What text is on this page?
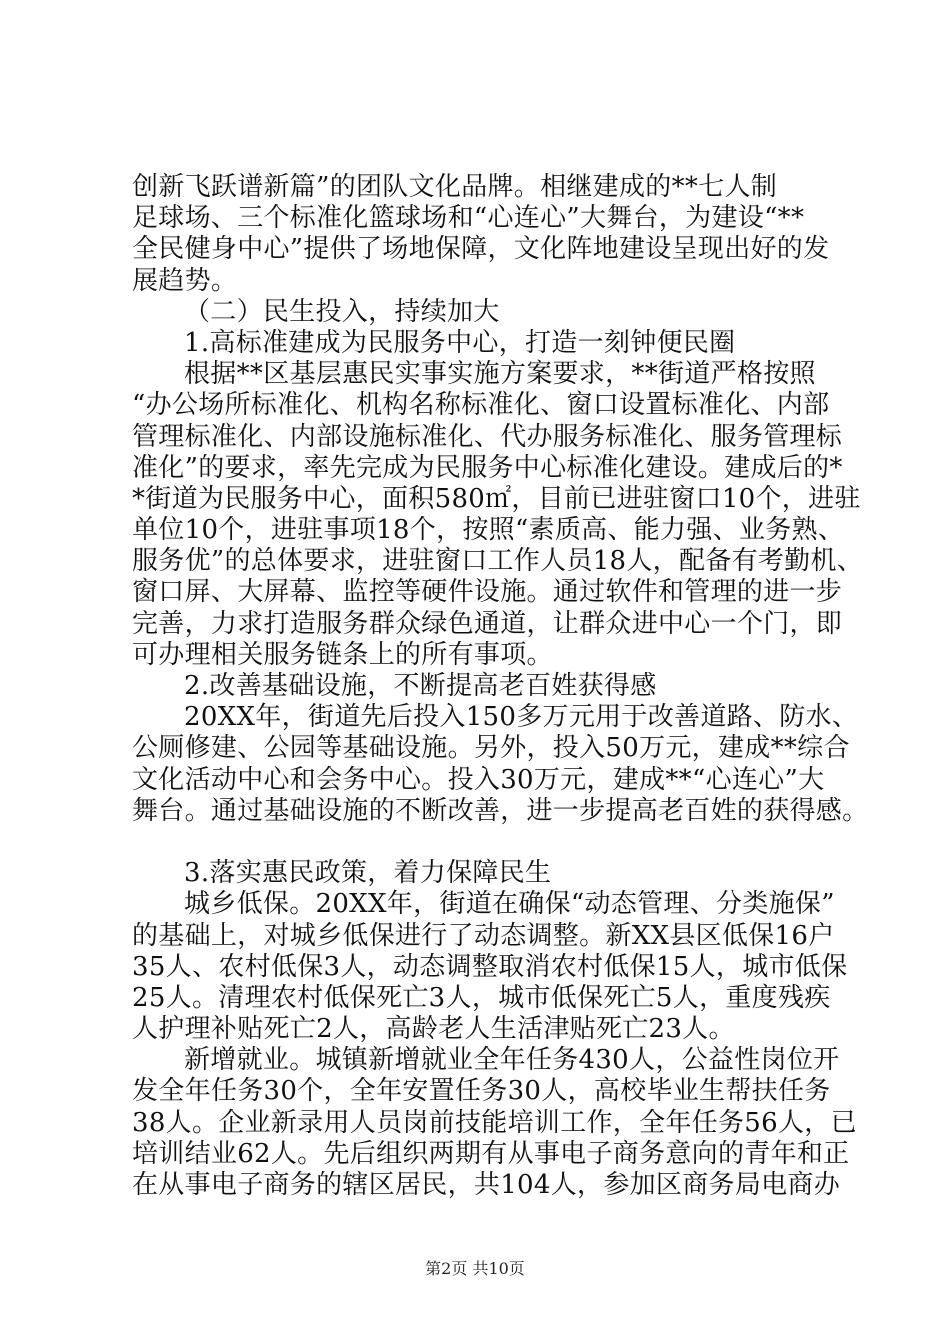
创新飞跃谱新篇”的团队文化品牌。相继建成的**七人制
足球场、三个标准化篮球场和“心连心”大舞台，为建设“**
全民健身中心”提供了场地保障，文化阵地建设呈现出好的发
展趋势。
（二）民生投入，持续加大
1.高标准建成为民服务中心，打造一刻钟便民圈
根据**区基层惠民实事实施方案要求，**街道严格按照
“办公场所标准化、机构名称标准化、窗口设置标准化、内部
管理标准化、内部设施标准化、代办服务标准化、服务管理标
准化”的要求，率先完成为民服务中心标准化建设。建成后的*
*街道为民服务中心，面积580㎡，目前已进驻窗口10个，进驻
单位10个，进驻事项18个，按照“素质高、能力强、业务熟、
服务优”的总体要求，进驻窗口工作人员18人，配备有考勤机、
窗口屏、大屏幕、监控等硬件设施。通过软件和管理的进一步
完善，力求打造服务群众绿色通道，让群众进中心一个门，即
可办理相关服务链条上的所有事项。
2.改善基础设施，不断提高老百姓获得感
20XX年，街道先后投入150多万元用于改善道路、防水、
公厕修建、公园等基础设施。另外，投入50万元，建成**综合
文化活动中心和会务中心。投入30万元，建成**“心连心”大
舞台。通过基础设施的不断改善，进一步提高老百姓的获得感。
3.落实惠民政策，着力保障民生
城乡低保。20XX年，街道在确保“动态管理、分类施保”
的基础上，对城乡低保进行了动态调整。新XX县区低保16户
35人、农村低保3人，动态调整取消农村低保15人，城市低保
25人。清理农村低保死亡3人，城市低保死亡5人，重度残疾
人护理补贴死亡2人，高龄老人生活津贴死亡23人。
新增就业。城镇新增就业全年任务430人，公益性岗位开
发全年任务30个，全年安置任务30人，高校毕业生帮扶任务
38人。企业新录用人员岗前技能培训工作，全年任务56人，已
培训结业62人。先后组织两期有从事电子商务意向的青年和正
在从事电子商务的辖区居民，共104人，参加区商务局电商办
第2页 共10页
